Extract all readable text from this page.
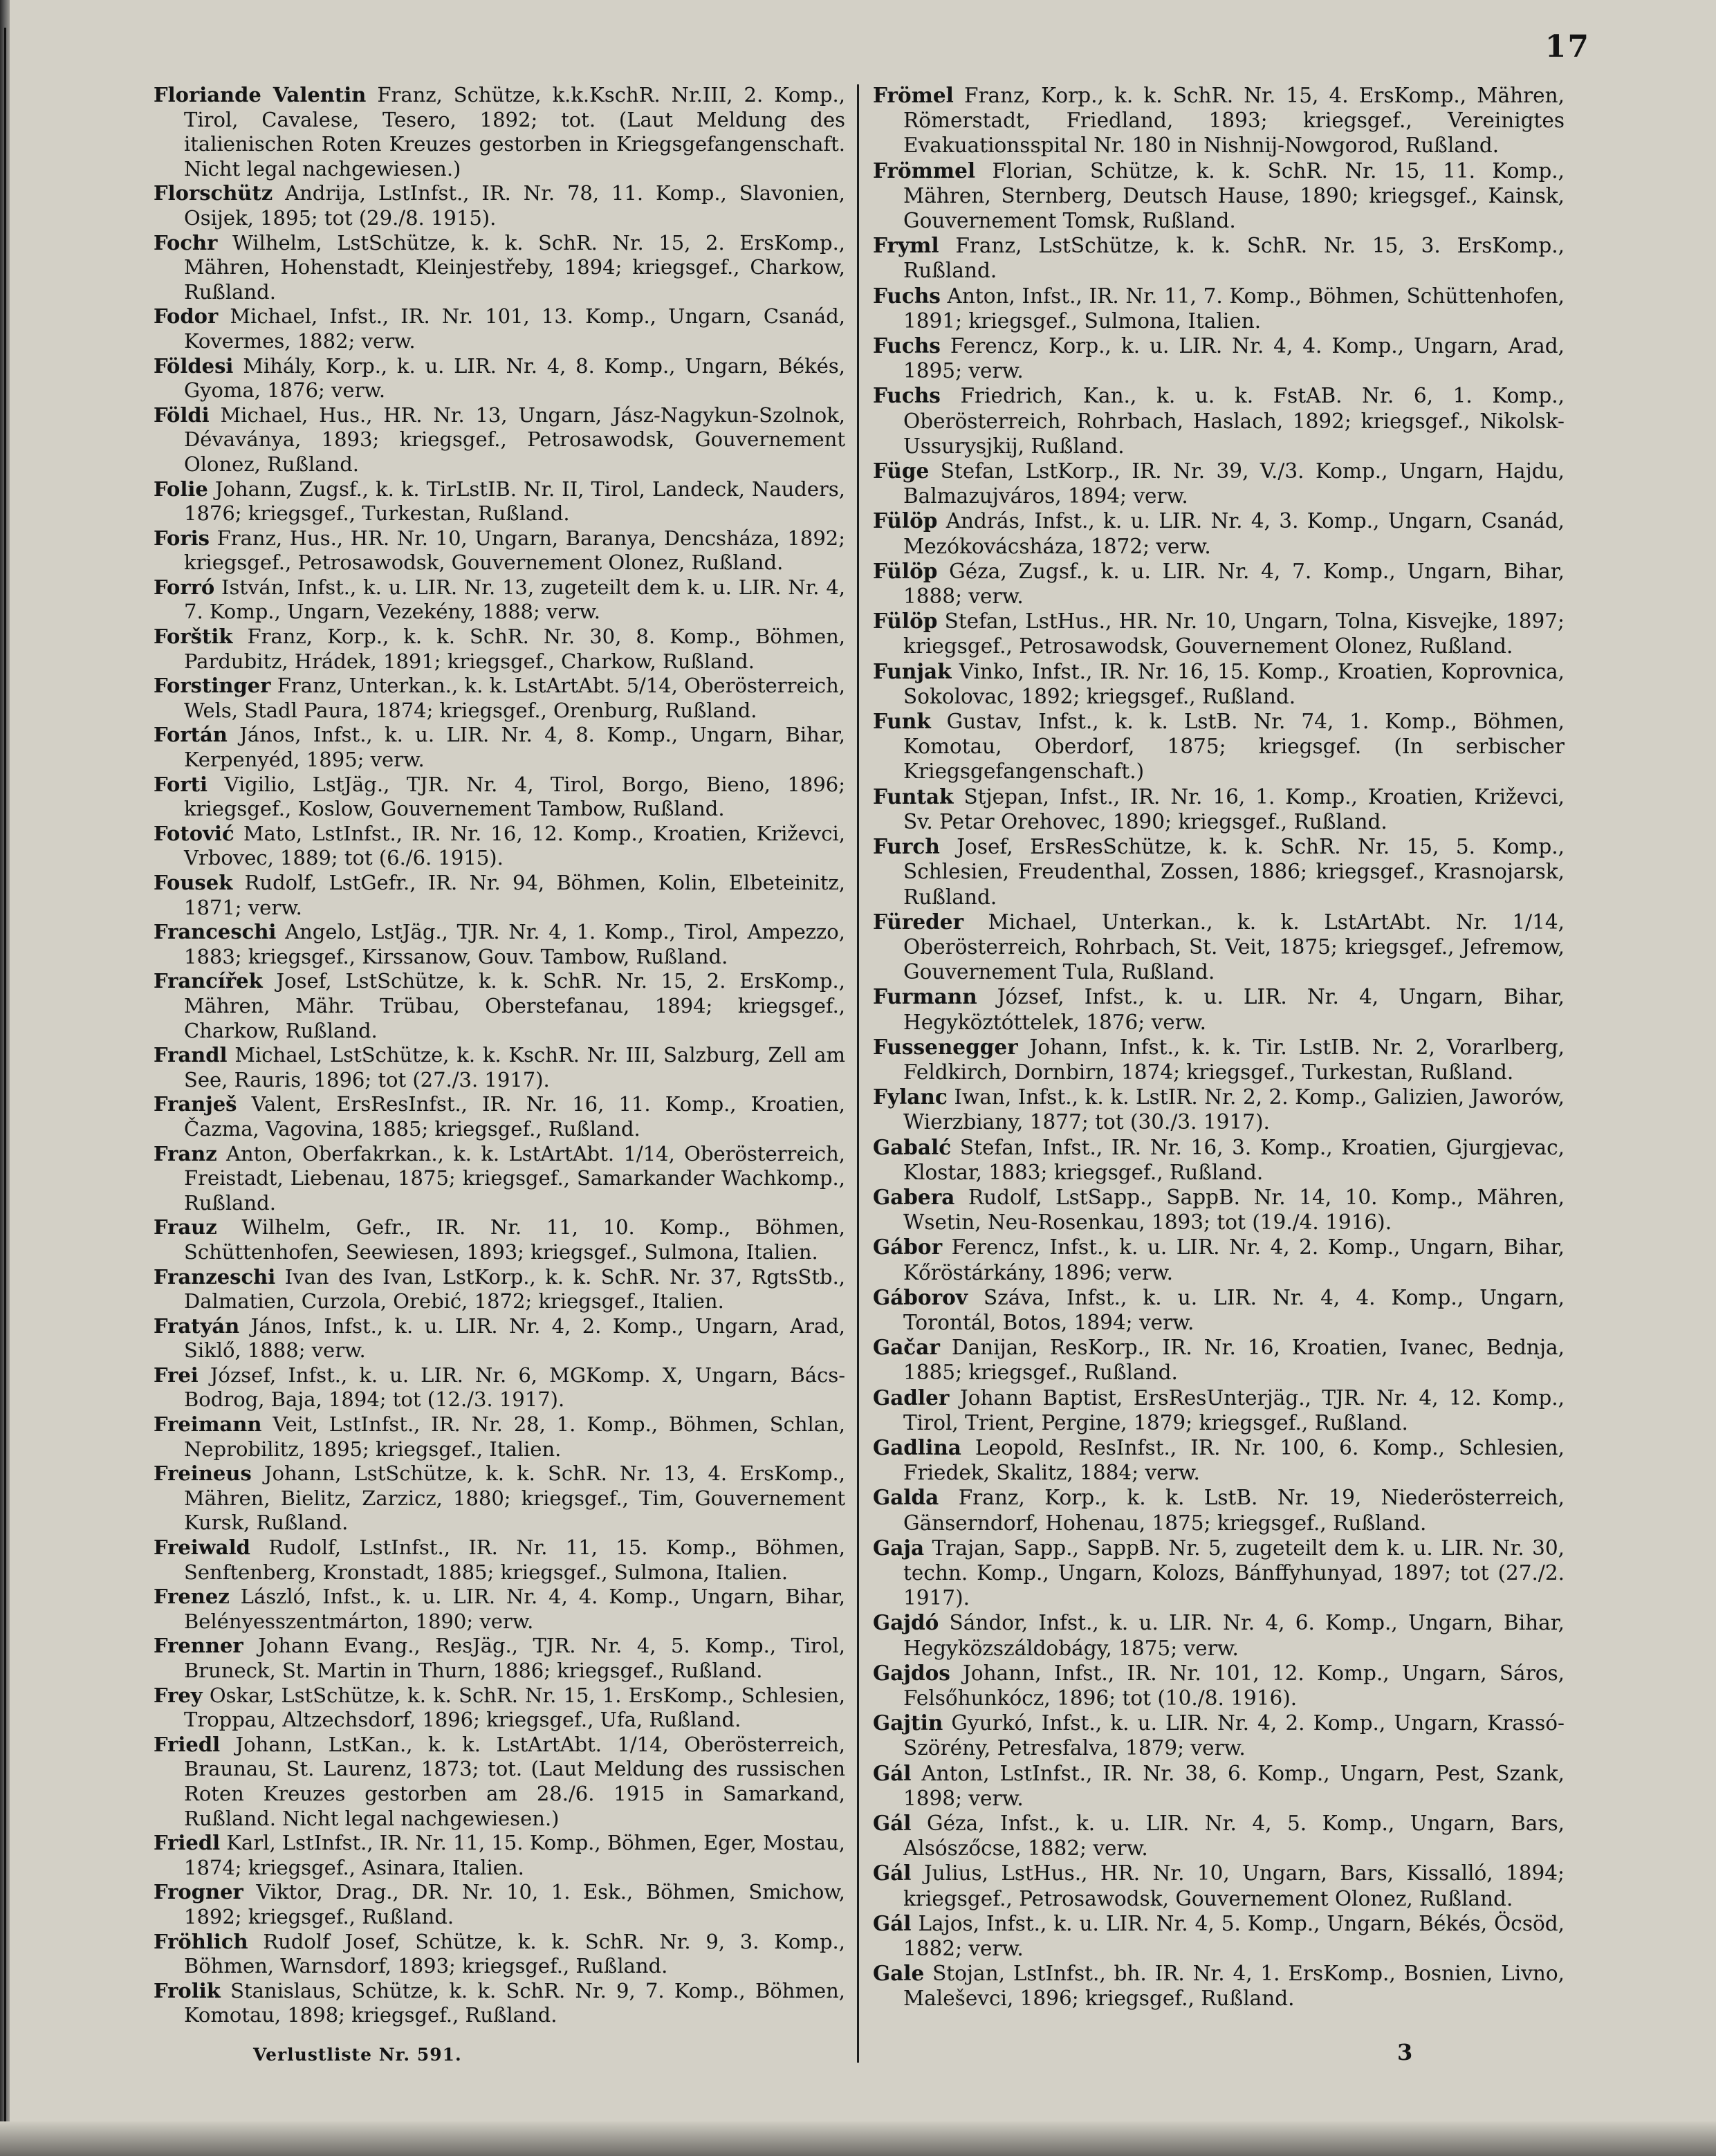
17

Floriande Valentin Franz, Schütze, k.k.KschR. Nr.III, 2. Komp., Tirol, Cavalese, Tesero, 1892; tot. (Laut Meldung des italienischen Roten Kreuzes gestorben in Kriegsgefangenschaft. Nicht legal nachgewiesen.)

Florschütz Andrija, LstInfst., IR. Nr. 78, 11. Komp., Slavonien, Osijek, 1895; tot (29./8. 1915).

Fochr Wilhelm, LstSchütze, k. k. SchR. Nr. 15, 2. ErsKomp., Mähren, Hohenstadt, Kleinjestřeby, 1894; kriegsgef., Charkow, Rußland.

Fodor Michael, Infst., IR. Nr. 101, 13. Komp., Ungarn, Csanád, Kovermes, 1882; verw.

Földesi Mihály, Korp., k. u. LIR. Nr. 4, 8. Komp., Ungarn, Békés, Gyoma, 1876; verw.

Földi Michael, Hus., HR. Nr. 13, Ungarn, Jász-Nagykun-Szolnok, Dévaványa, 1893; kriegsgef., Petrosawodsk, Gouvernement Olonez, Rußland.

Folie Johann, Zugsf., k. k. TirLstIB. Nr. II, Tirol, Landeck, Nauders, 1876; kriegsgef., Turkestan, Rußland.

Foris Franz, Hus., HR. Nr. 10, Ungarn, Baranya, Dencsháza, 1892; kriegsgef., Petrosawodsk, Gouvernement Olonez, Rußland.

Forró István, Infst., k. u. LIR. Nr. 13, zugeteilt dem k. u. LIR. Nr. 4, 7. Komp., Ungarn, Vezekény, 1888; verw.

Forštik Franz, Korp., k. k. SchR. Nr. 30, 8. Komp., Böhmen, Pardubitz, Hrádek, 1891; kriegsgef., Charkow, Rußland.

Forstinger Franz, Unterkan., k. k. LstArtAbt. 5/14, Oberösterreich, Wels, Stadl Paura, 1874; kriegsgef., Orenburg, Rußland.

Fortán János, Infst., k. u. LIR. Nr. 4, 8. Komp., Ungarn, Bihar, Kerpenyéd, 1895; verw.

Forti Vigilio, LstJäg., TJR. Nr. 4, Tirol, Borgo, Bieno, 1896; kriegsgef., Koslow, Gouvernement Tambow, Rußland.

Fotović Mato, LstInfst., IR. Nr. 16, 12. Komp., Kroatien, Križevci, Vrbovec, 1889; tot (6./6. 1915).

Fousek Rudolf, LstGefr., IR. Nr. 94, Böhmen, Kolin, Elbeteinitz, 1871; verw.

Franceschi Angelo, LstJäg., TJR. Nr. 4, 1. Komp., Tirol, Ampezzo, 1883; kriegsgef., Kirssanow, Gouv. Tambow, Rußland.

Francířek Josef, LstSchütze, k. k. SchR. Nr. 15, 2. ErsKomp., Mähren, Mähr. Trübau, Oberstefanau, 1894; kriegsgef., Charkow, Rußland.

Frandl Michael, LstSchütze, k. k. KschR. Nr. III, Salzburg, Zell am See, Rauris, 1896; tot (27./3. 1917).

Franješ Valent, ErsResInfst., IR. Nr. 16, 11. Komp., Kroatien, Čazma, Vagovina, 1885; kriegsgef., Rußland.

Franz Anton, Oberfakrkan., k. k. LstArtAbt. 1/14, Oberösterreich, Freistadt, Liebenau, 1875; kriegsgef., Samarkander Wachkomp., Rußland.

Frauz Wilhelm, Gefr., IR. Nr. 11, 10. Komp., Böhmen, Schüttenhofen, Seewiesen, 1893; kriegsgef., Sulmona, Italien.

Franzeschi Ivan des Ivan, LstKorp., k. k. SchR. Nr. 37, RgtsStb., Dalmatien, Curzola, Orebić, 1872; kriegsgef., Italien.

Fratyán János, Infst., k. u. LIR. Nr. 4, 2. Komp., Ungarn, Arad, Siklő, 1888; verw.

Frei József, Infst., k. u. LIR. Nr. 6, MGKomp. X, Ungarn, Bács-Bodrog, Baja, 1894; tot (12./3. 1917).

Freimann Veit, LstInfst., IR. Nr. 28, 1. Komp., Böhmen, Schlan, Neprobilitz, 1895; kriegsgef., Italien.

Freineus Johann, LstSchütze, k. k. SchR. Nr. 13, 4. ErsKomp., Mähren, Bielitz, Zarzicz, 1880; kriegsgef., Tim, Gouvernement Kursk, Rußland.

Freiwald Rudolf, LstInfst., IR. Nr. 11, 15. Komp., Böhmen, Senftenberg, Kronstadt, 1885; kriegsgef., Sulmona, Italien.

Frenez László, Infst., k. u. LIR. Nr. 4, 4. Komp., Ungarn, Bihar, Belényesszentmárton, 1890; verw.

Frenner Johann Evang., ResJäg., TJR. Nr. 4, 5. Komp., Tirol, Bruneck, St. Martin in Thurn, 1886; kriegsgef., Rußland.

Frey Oskar, LstSchütze, k. k. SchR. Nr. 15, 1. ErsKomp., Schlesien, Troppau, Altzechsdorf, 1896; kriegsgef., Ufa, Rußland.

Friedl Johann, LstKan., k. k. LstArtAbt. 1/14, Oberösterreich, Braunau, St. Laurenz, 1873; tot. (Laut Meldung des russischen Roten Kreuzes gestorben am 28./6. 1915 in Samarkand, Rußland. Nicht legal nachgewiesen.)

Friedl Karl, LstInfst., IR. Nr. 11, 15. Komp., Böhmen, Eger, Mostau, 1874; kriegsgef., Asinara, Italien.

Frogner Viktor, Drag., DR. Nr. 10, 1. Esk., Böhmen, Smichow, 1892; kriegsgef., Rußland.

Fröhlich Rudolf Josef, Schütze, k. k. SchR. Nr. 9, 3. Komp., Böhmen, Warnsdorf, 1893; kriegsgef., Rußland.

Frolik Stanislaus, Schütze, k. k. SchR. Nr. 9, 7. Komp., Böhmen, Komotau, 1898; kriegsgef., Rußland.

Frömel Franz, Korp., k. k. SchR. Nr. 15, 4. ErsKomp., Mähren, Römerstadt, Friedland, 1893; kriegsgef., Vereinigtes Evakuationsspital Nr. 180 in Nishnij-Nowgorod, Rußland.

Frömmel Florian, Schütze, k. k. SchR. Nr. 15, 11. Komp., Mähren, Sternberg, Deutsch Hause, 1890; kriegsgef., Kainsk, Gouvernement Tomsk, Rußland.

Fryml Franz, LstSchütze, k. k. SchR. Nr. 15, 3. ErsKomp., Rußland.

Fuchs Anton, Infst., IR. Nr. 11, 7. Komp., Böhmen, Schüttenhofen, 1891; kriegsgef., Sulmona, Italien.

Fuchs Ferencz, Korp., k. u. LIR. Nr. 4, 4. Komp., Ungarn, Arad, 1895; verw.

Fuchs Friedrich, Kan., k. u. k. FstAB. Nr. 6, 1. Komp., Oberösterreich, Rohrbach, Haslach, 1892; kriegsgef., Nikolsk-Ussurysjkij, Rußland.

Füge Stefan, LstKorp., IR. Nr. 39, V./3. Komp., Ungarn, Hajdu, Balmazujváros, 1894; verw.

Fülöp András, Infst., k. u. LIR. Nr. 4, 3. Komp., Ungarn, Csanád, Mezókovácsháza, 1872; verw.

Fülöp Géza, Zugsf., k. u. LIR. Nr. 4, 7. Komp., Ungarn, Bihar, 1888; verw.

Fülöp Stefan, LstHus., HR. Nr. 10, Ungarn, Tolna, Kisvejke, 1897; kriegsgef., Petrosawodsk, Gouvernement Olonez, Rußland.

Funjak Vinko, Infst., IR. Nr. 16, 15. Komp., Kroatien, Koprovnica, Sokolovac, 1892; kriegsgef., Rußland.

Funk Gustav, Infst., k. k. LstB. Nr. 74, 1. Komp., Böhmen, Komotau, Oberdorf, 1875; kriegsgef. (In serbischer Kriegsgefangenschaft.)

Funtak Stjepan, Infst., IR. Nr. 16, 1. Komp., Kroatien, Križevci, Sv. Petar Orehovec, 1890; kriegsgef., Rußland.

Furch Josef, ErsResSchütze, k. k. SchR. Nr. 15, 5. Komp., Schlesien, Freudenthal, Zossen, 1886; kriegsgef., Krasnojarsk, Rußland.

Füreder Michael, Unterkan., k. k. LstArtAbt. Nr. 1/14, Oberösterreich, Rohrbach, St. Veit, 1875; kriegsgef., Jefremow, Gouvernement Tula, Rußland.

Furmann József, Infst., k. u. LIR. Nr. 4, Ungarn, Bihar, Hegyköztóttelek, 1876; verw.

Fussenegger Johann, Infst., k. k. Tir. LstIB. Nr. 2, Vorarlberg, Feldkirch, Dornbirn, 1874; kriegsgef., Turkestan, Rußland.

Fylanc Iwan, Infst., k. k. LstIR. Nr. 2, 2. Komp., Galizien, Jaworów, Wierzbiany, 1877; tot (30./3. 1917).

Gabalć Stefan, Infst., IR. Nr. 16, 3. Komp., Kroatien, Gjurgjevac, Klostar, 1883; kriegsgef., Rußland.

Gabera Rudolf, LstSapp., SappB. Nr. 14, 10. Komp., Mähren, Wsetin, Neu-Rosenkau, 1893; tot (19./4. 1916).

Gábor Ferencz, Infst., k. u. LIR. Nr. 4, 2. Komp., Ungarn, Bihar, Kőröstárkány, 1896; verw.

Gáborov Száva, Infst., k. u. LIR. Nr. 4, 4. Komp., Ungarn, Torontál, Botos, 1894; verw.

Gačar Danijan, ResKorp., IR. Nr. 16, Kroatien, Ivanec, Bednja, 1885; kriegsgef., Rußland.

Gadler Johann Baptist, ErsResUnterjäg., TJR. Nr. 4, 12. Komp., Tirol, Trient, Pergine, 1879; kriegsgef., Rußland.

Gadlina Leopold, ResInfst., IR. Nr. 100, 6. Komp., Schlesien, Friedek, Skalitz, 1884; verw.

Galda Franz, Korp., k. k. LstB. Nr. 19, Niederösterreich, Gänserndorf, Hohenau, 1875; kriegsgef., Rußland.

Gaja Trajan, Sapp., SappB. Nr. 5, zugeteilt dem k. u. LIR. Nr. 30, techn. Komp., Ungarn, Kolozs, Bánffyhunyad, 1897; tot (27./2. 1917).

Gajdó Sándor, Infst., k. u. LIR. Nr. 4, 6. Komp., Ungarn, Bihar, Hegyközszáldobágy, 1875; verw.

Gajdos Johann, Infst., IR. Nr. 101, 12. Komp., Ungarn, Sáros, Felsőhunkócz, 1896; tot (10./8. 1916).

Gajtin Gyurkó, Infst., k. u. LIR. Nr. 4, 2. Komp., Ungarn, Krassó-Szörény, Petresfalva, 1879; verw.

Gál Anton, LstInfst., IR. Nr. 38, 6. Komp., Ungarn, Pest, Szank, 1898; verw.

Gál Géza, Infst., k. u. LIR. Nr. 4, 5. Komp., Ungarn, Bars, Alsószőcse, 1882; verw.

Gál Julius, LstHus., HR. Nr. 10, Ungarn, Bars, Kissalló, 1894; kriegsgef., Petrosawodsk, Gouvernement Olonez, Rußland.

Gál Lajos, Infst., k. u. LIR. Nr. 4, 5. Komp., Ungarn, Békés, Öcsöd, 1882; verw.

Gale Stojan, LstInfst., bh. IR. Nr. 4, 1. ErsKomp., Bosnien, Livno, Maleševci, 1896; kriegsgef., Rußland.

Verlustliste Nr. 591.	3
